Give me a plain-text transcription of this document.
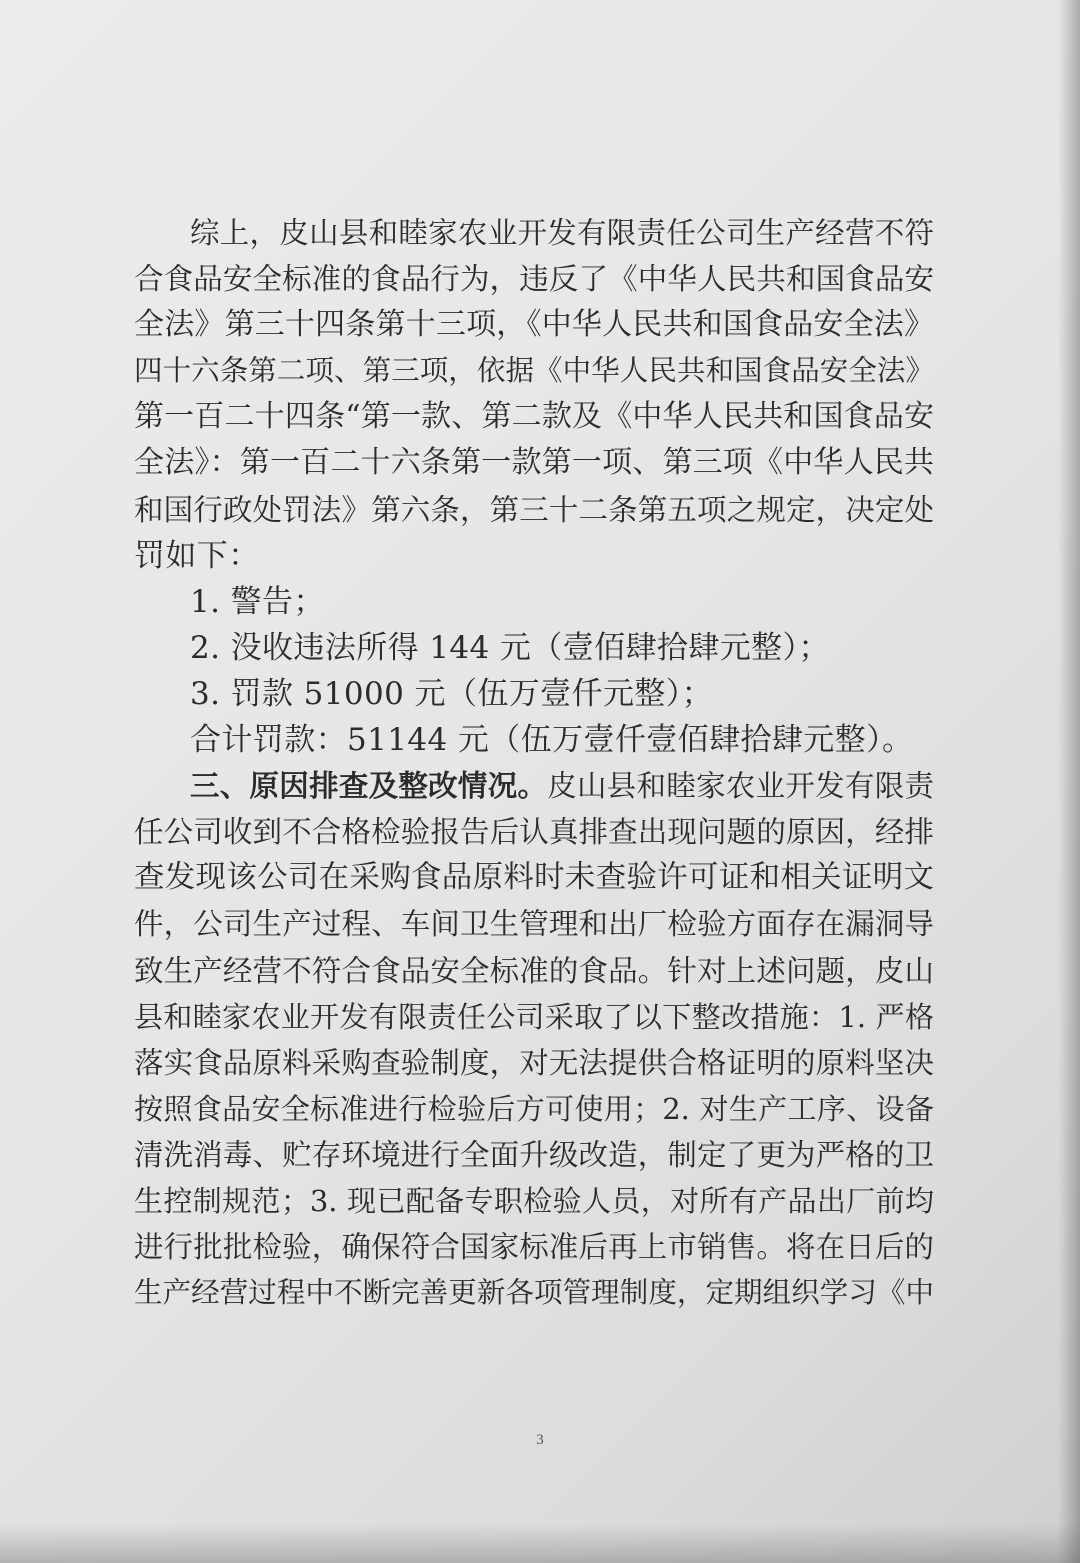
综上，皮山县和睦家农业开发有限责任公司生产经营不符
合食品安全标准的食品行为，违反了《中华人民共和国食品安
全法》第三十四条第十三项，《中华人民共和国食品安全法》
四十六条第二项、第三项，依据《中华人民共和国食品安全法》
第一百二十四条“第一款、第二款及《中华人民共和国食品安
全法》：第一百二十六条第一款第一项、第三项《中华人民共
和国行政处罚法》第六条，第三十二条第五项之规定，决定处
罚如下：
1. 警告；
2. 没收违法所得 144 元（壹佰肆拾肆元整）；
3. 罚款 51000 元（伍万壹仟元整）；
合计罚款：51144 元（伍万壹仟壹佰肆拾肆元整）。
三、原因排查及整改情况。皮山县和睦家农业开发有限责
任公司收到不合格检验报告后认真排查出现问题的原因，经排
查发现该公司在采购食品原料时未查验许可证和相关证明文
件，公司生产过程、车间卫生管理和出厂检验方面存在漏洞导
致生产经营不符合食品安全标准的食品。针对上述问题，皮山
县和睦家农业开发有限责任公司采取了以下整改措施：1. 严格
落实食品原料采购查验制度，对无法提供合格证明的原料坚决
按照食品安全标准进行检验后方可使用；2. 对生产工序、设备
清洗消毒、贮存环境进行全面升级改造，制定了更为严格的卫
生控制规范；3. 现已配备专职检验人员，对所有产品出厂前均
进行批批检验，确保符合国家标准后再上市销售。将在日后的
生产经营过程中不断完善更新各项管理制度，定期组织学习《中
3
